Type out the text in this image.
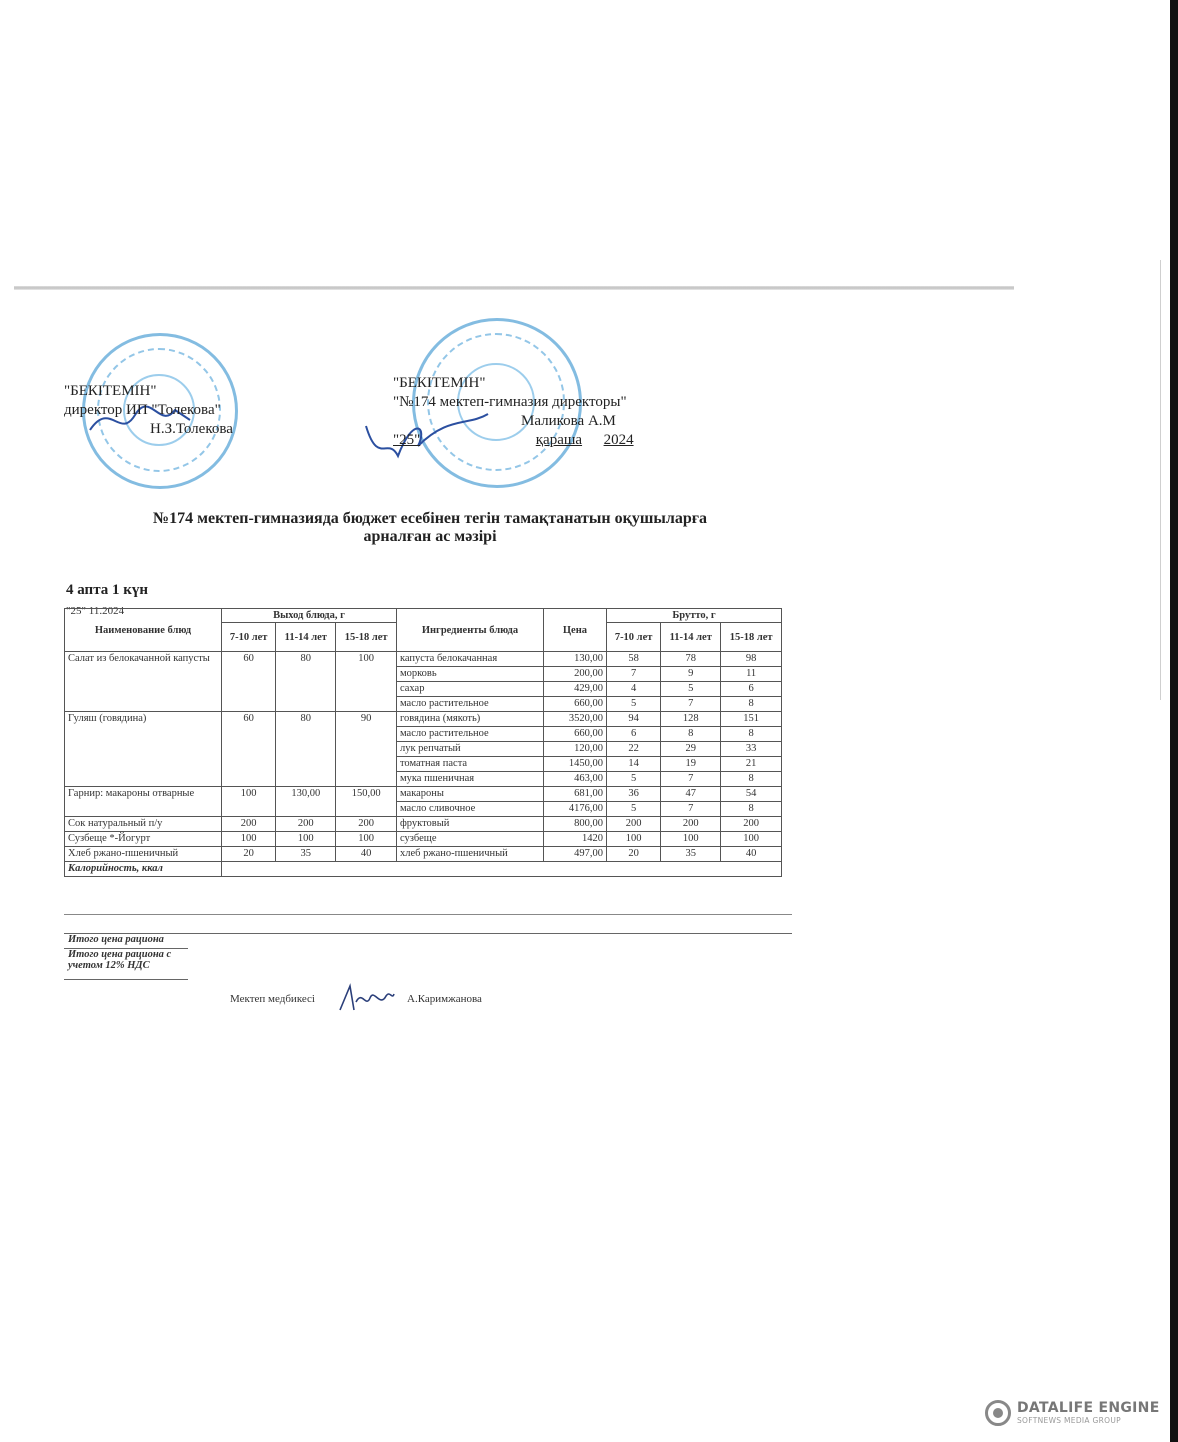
"БЕКІТЕМІН"
директор ИП "Толекова"
Н.З.Толекова
"БЕКІТЕМІН"
"№174 мектеп-гимназия директоры"
Маликова А.М
"25"	қараша 2024
№174 мектеп-гимназияда бюджет есебінен тегін тамақтанатын оқушыларға
арналған ас мәзірі
4 апта 1 күн
"25" 11.2024
Наименование блюд	Выход блюда, г			Ингредиенты блюда	Цена	Брутто, г		
	7-10 лет	11-14 лет	15-18 лет			7-10 лет	11-14 лет	15-18 лет
Салат из белокачанной капусты	60	80	100	капуста белокачанная	130,00	58	78	98
				морковь	200,00	7	9	11
				сахар	429,00	4	5	6
				масло растительное	660,00	5	7	8
Гуляш (говядина)	60	80	90	говядина (мякоть)	3520,00	94	128	151
				масло растительное	660,00	6	8	8
				лук репчатый	120,00	22	29	33
				томатная паста	1450,00	14	19	21
				мука пшеничная	463,00	5	7	8
Гарнир: макароны отварные	100	130,00	150,00	макароны	681,00	36	47	54
				масло сливочное	4176,00	5	7	8
Сок натуральный п/у	200	200	200	фруктовый	800,00	200	200	200
Сузбеще *-Йогурт	100	100	100	сузбеще	1420	100	100	100
Хлеб ржано-пшеничный	20	35	40	хлеб ржано-пшеничный	497,00	20	35	40
Калорийность, ккал								
Итого цена рациона
Итого цена рациона с учетом 12% НДС
Мектеп медбикесі	А.Каримжанова
DATALIFE ENGINE
SOFTNEWS MEDIA GROUP
